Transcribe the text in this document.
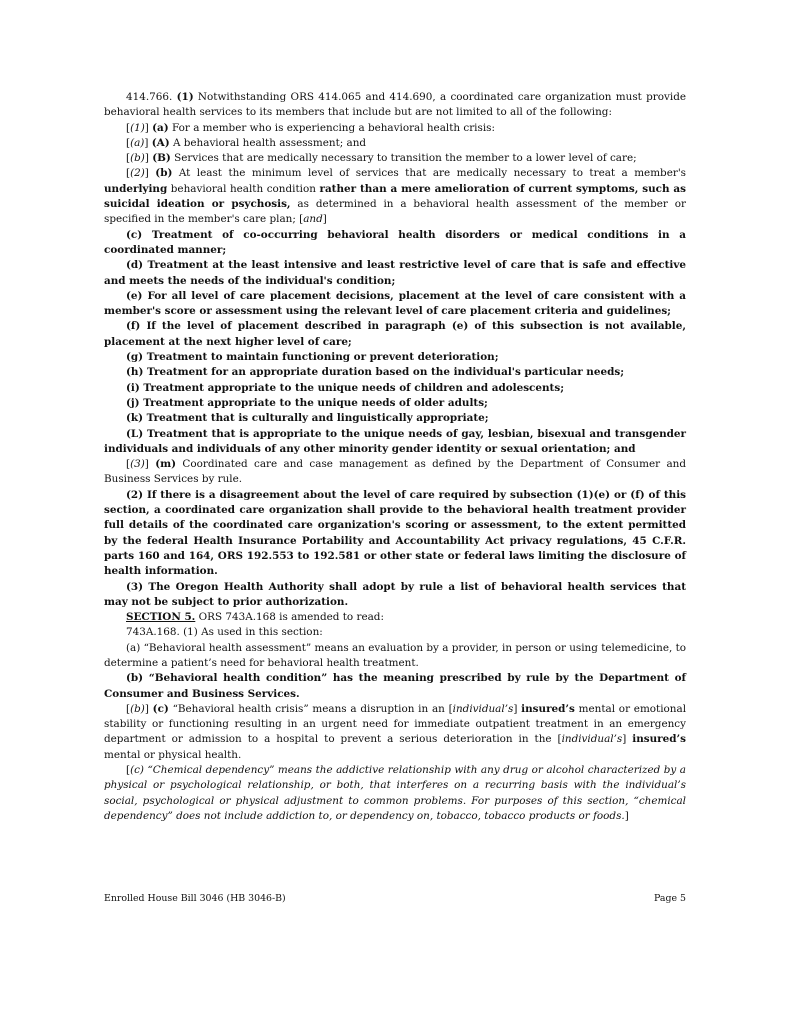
414.766. (1) Notwithstanding ORS 414.065 and 414.690, a coordinated care organization must provide behavioral health services to its members that include but are not limited to all of the following:

[(1)] (a) For a member who is experiencing a behavioral health crisis:

[(a)] (A) A behavioral health assessment; and

[(b)] (B) Services that are medically necessary to transition the member to a lower level of care;

[(2)] (b) At least the minimum level of services that are medically necessary to treat a member's underlying behavioral health condition rather than a mere amelioration of current symptoms, such as suicidal ideation or psychosis, as determined in a behavioral health assessment of the member or specified in the member's care plan; [and]

(c) Treatment of co-occurring behavioral health disorders or medical conditions in a coordinated manner;

(d) Treatment at the least intensive and least restrictive level of care that is safe and effective and meets the needs of the individual's condition;

(e) For all level of care placement decisions, placement at the level of care consistent with a member's score or assessment using the relevant level of care placement criteria and guidelines;

(f) If the level of placement described in paragraph (e) of this subsection is not available, placement at the next higher level of care;

(g) Treatment to maintain functioning or prevent deterioration;

(h) Treatment for an appropriate duration based on the individual's particular needs;

(i) Treatment appropriate to the unique needs of children and adolescents;

(j) Treatment appropriate to the unique needs of older adults;

(k) Treatment that is culturally and linguistically appropriate;

(L) Treatment that is appropriate to the unique needs of gay, lesbian, bisexual and transgender individuals and individuals of any other minority gender identity or sexual orientation; and

[(3)] (m) Coordinated care and case management as defined by the Department of Consumer and Business Services by rule.

(2) If there is a disagreement about the level of care required by subsection (1)(e) or (f) of this section, a coordinated care organization shall provide to the behavioral health treatment provider full details of the coordinated care organization's scoring or assessment, to the extent permitted by the federal Health Insurance Portability and Accountability Act privacy regulations, 45 C.F.R. parts 160 and 164, ORS 192.553 to 192.581 or other state or federal laws limiting the disclosure of health information.

(3) The Oregon Health Authority shall adopt by rule a list of behavioral health services that may not be subject to prior authorization.

SECTION 5. ORS 743A.168 is amended to read:

743A.168. (1) As used in this section:

(a) “Behavioral health assessment” means an evaluation by a provider, in person or using telemedicine, to determine a patient’s need for behavioral health treatment.

(b) “Behavioral health condition” has the meaning prescribed by rule by the Department of Consumer and Business Services.

[(b)] (c) “Behavioral health crisis” means a disruption in an [individual’s] insured’s mental or emotional stability or functioning resulting in an urgent need for immediate outpatient treatment in an emergency department or admission to a hospital to prevent a serious deterioration in the [individual’s] insured’s mental or physical health.

[(c) “Chemical dependency” means the addictive relationship with any drug or alcohol characterized by a physical or psychological relationship, or both, that interferes on a recurring basis with the individual’s social, psychological or physical adjustment to common problems. For purposes of this section, “chemical dependency” does not include addiction to, or dependency on, tobacco, tobacco products or foods.]

Enrolled House Bill 3046 (HB 3046-B)	Page 5
